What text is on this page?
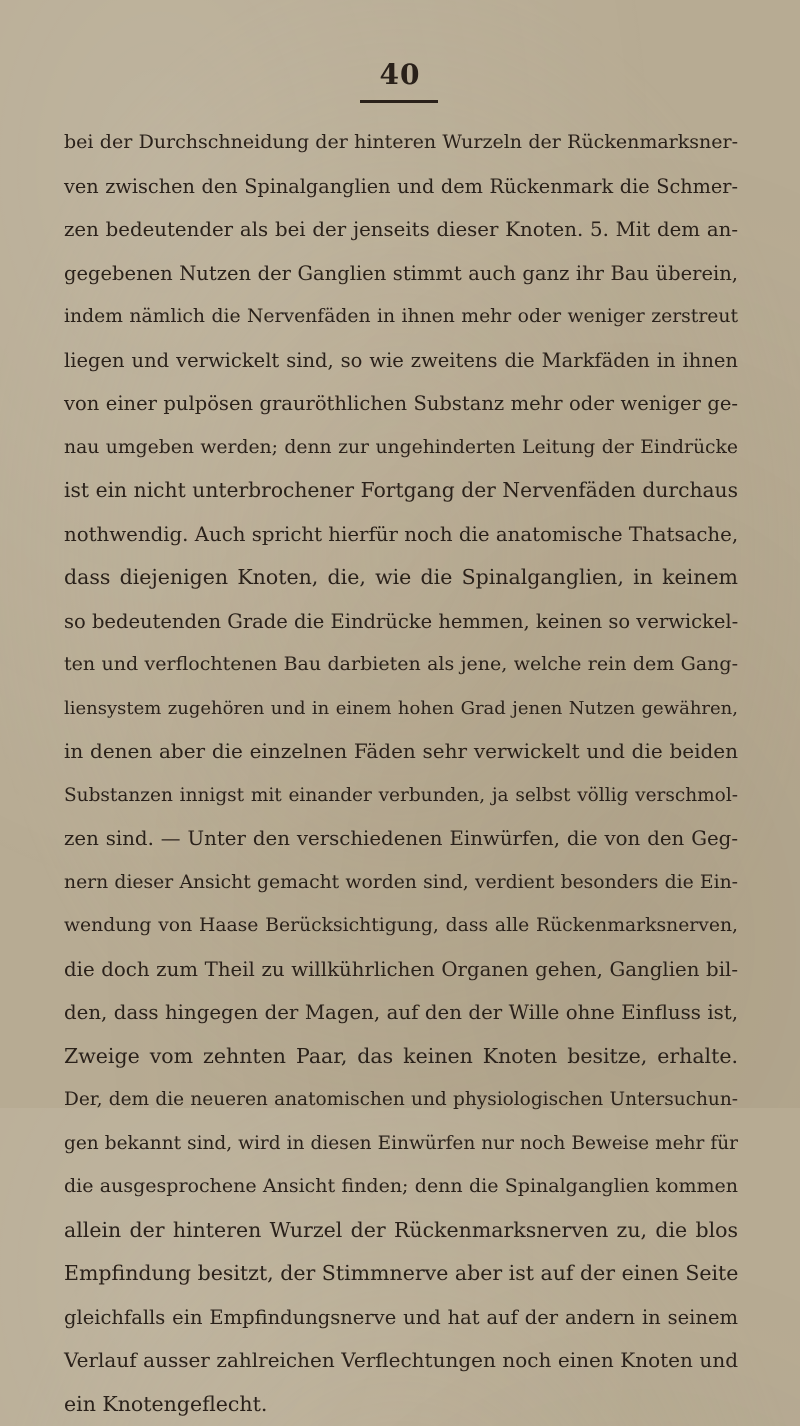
40
bei der Durchschneidung der hinteren Wurzeln der Rückenmarksner-
ven zwischen den Spinalganglien und dem Rückenmark die Schmer-
zen bedeutender als bei der jenseits dieser Knoten. 5. Mit dem an-
gegebenen Nutzen der Ganglien stimmt auch ganz ihr Bau überein,
indem nämlich die Nervenfäden in ihnen mehr oder weniger zerstreut
liegen und verwickelt sind, so wie zweitens die Markfäden in ihnen
von einer pulpösen grauröthlichen Substanz mehr oder weniger ge-
nau umgeben werden; denn zur ungehinderten Leitung der Eindrücke
ist ein nicht unterbrochener Fortgang der Nervenfäden durchaus
nothwendig. Auch spricht hierfür noch die anatomische Thatsache,
dass diejenigen Knoten, die, wie die Spinalganglien, in keinem
so bedeutenden Grade die Eindrücke hemmen, keinen so verwickel-
ten und verflochtenen Bau darbieten als jene, welche rein dem Gang-
liensystem zugehören und in einem hohen Grad jenen Nutzen gewähren,
in denen aber die einzelnen Fäden sehr verwickelt und die beiden
Substanzen innigst mit einander verbunden, ja selbst völlig verschmol-
zen sind. — Unter den verschiedenen Einwürfen, die von den Geg-
nern dieser Ansicht gemacht worden sind, verdient besonders die Ein-
wendung von Haase Berücksichtigung, dass alle Rückenmarksnerven,
die doch zum Theil zu willkührlichen Organen gehen, Ganglien bil-
den, dass hingegen der Magen, auf den der Wille ohne Einfluss ist,
Zweige vom zehnten Paar, das keinen Knoten besitze, erhalte.
Der, dem die neueren anatomischen und physiologischen Untersuchun-
gen bekannt sind, wird in diesen Einwürfen nur noch Beweise mehr für
die ausgesprochene Ansicht finden; denn die Spinalganglien kommen
allein der hinteren Wurzel der Rückenmarksnerven zu, die blos
Empfindung besitzt, der Stimmnerve aber ist auf der einen Seite
gleichfalls ein Empfindungsnerve und hat auf der andern in seinem
Verlauf ausser zahlreichen Verflechtungen noch einen Knoten und
ein Knotengeflecht.
